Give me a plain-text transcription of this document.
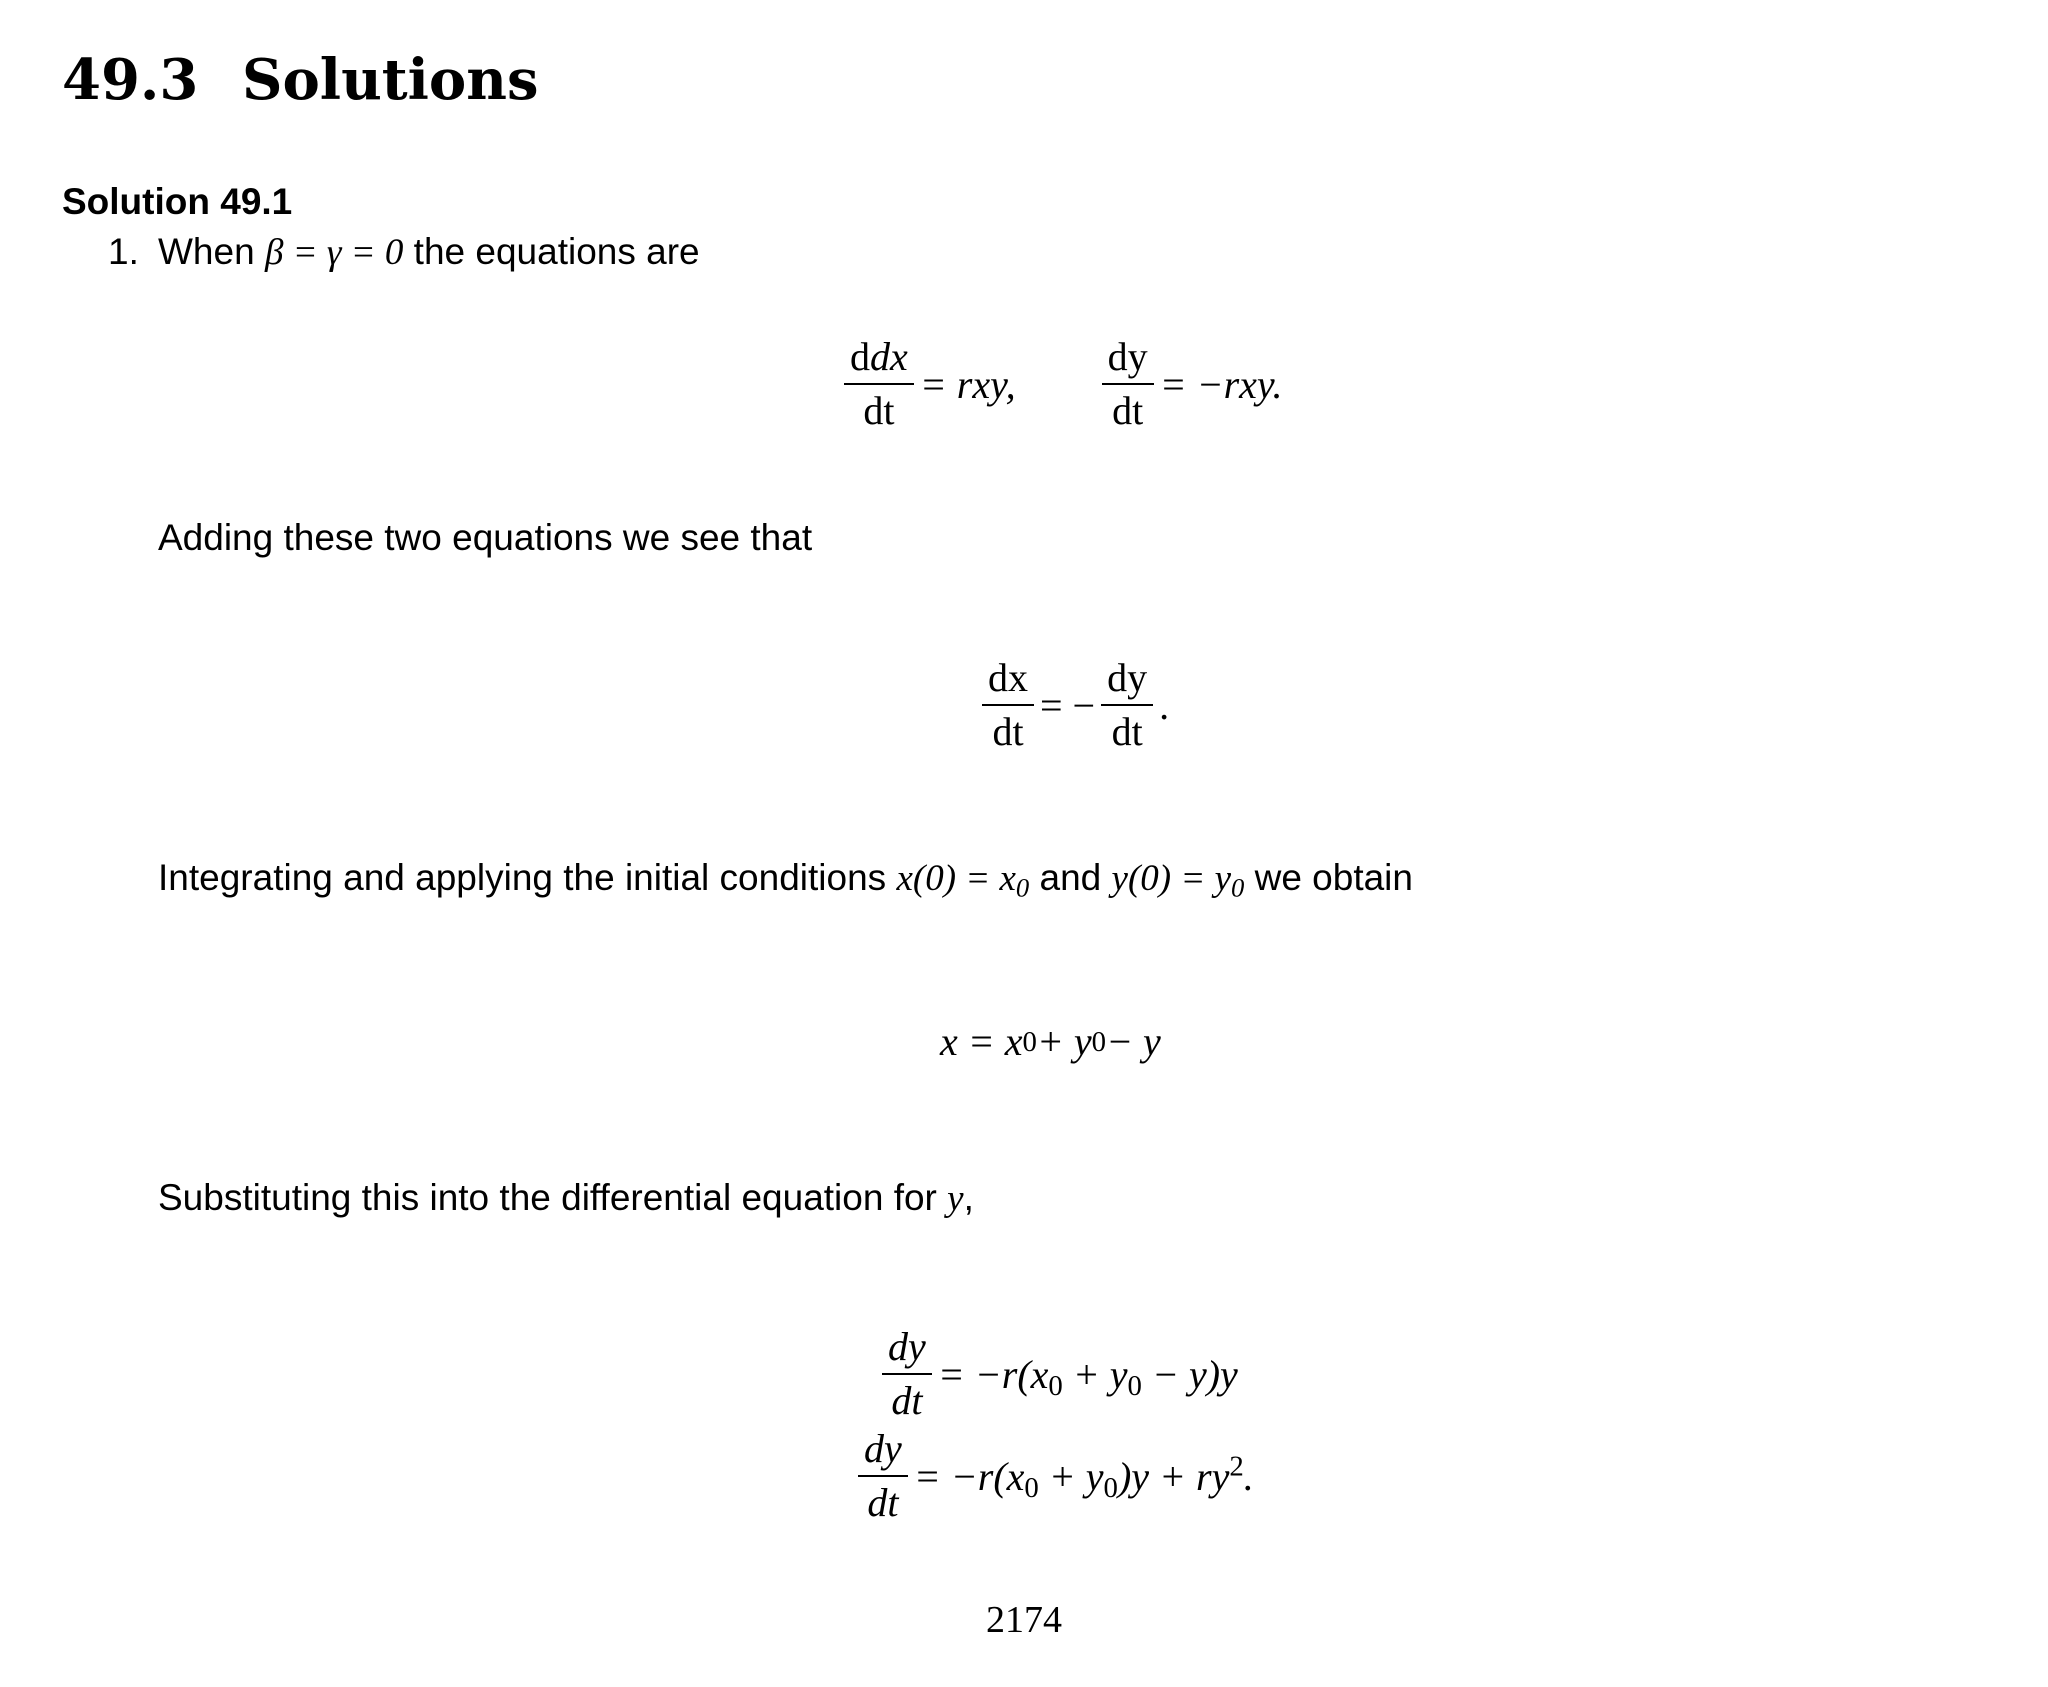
49.3 Solutions
Solution 49.1
1. When β = γ = 0 the equations are
$\frac{\text{ddx}}{dt}$ = rxy, $\frac{dy}{dt} = -rxy$.
Adding these two equations we see that
$\frac{dx}{dt}$ = − $\frac{dy}{dt}$ .
Integrating and applying the initial conditions $x(0) = x_0$ and $y(0) = y_0$ we obtain
x = x 0 + y 0 − y
Substituting this into the differential equation for y,
$\frac{dy}{dt} = -r(x_0 + y_0 - y)y$
$\frac{dy}{dt} = -r(x_0 + y_0)y + ry^2$.
2174
